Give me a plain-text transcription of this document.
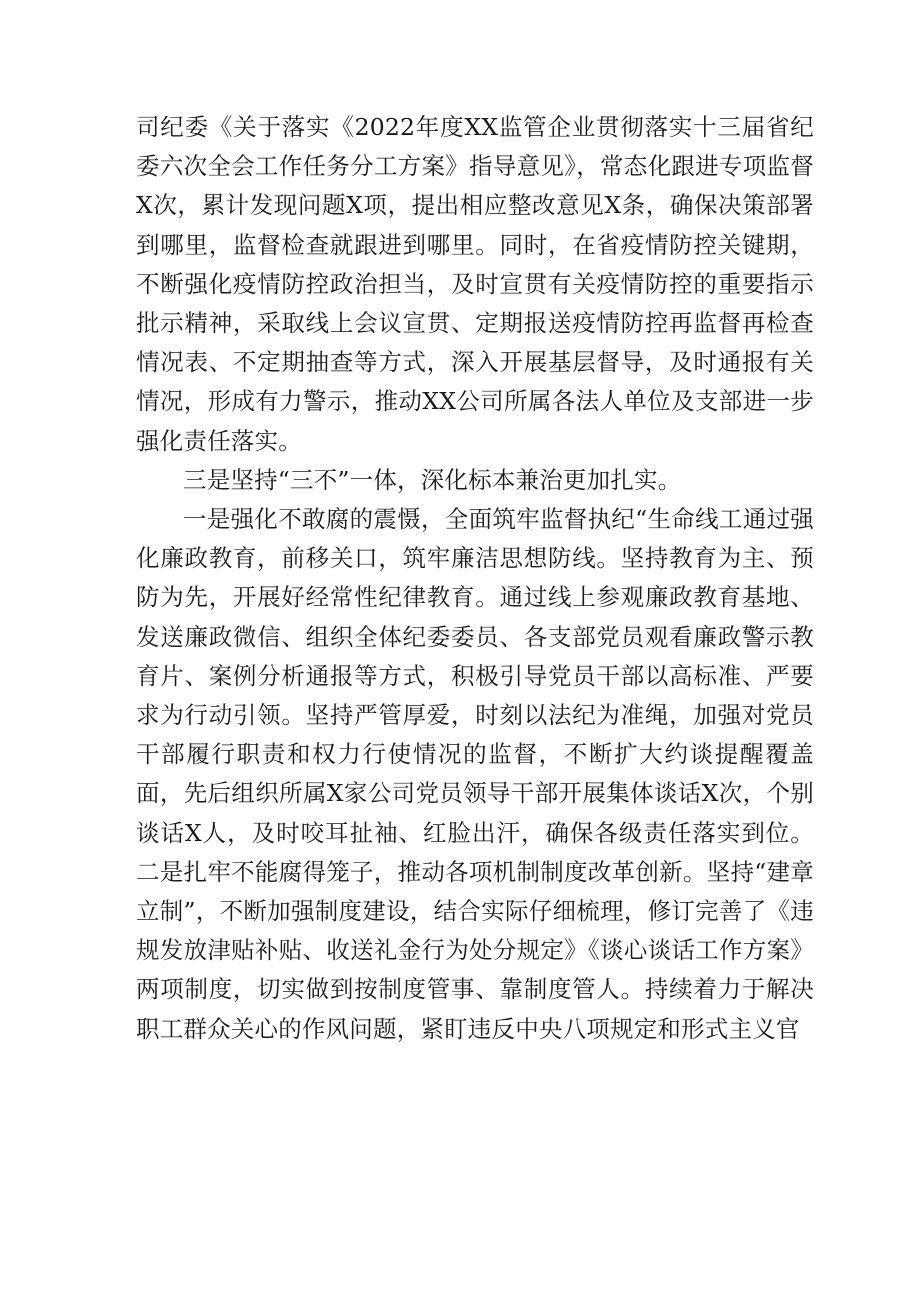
司纪委《关于落实《2022年度XX监管企业贯彻落实十三届省纪委六次全会工作任务分工方案》指导意见》，常态化跟进专项监督X次，累计发现问题X项，提出相应整改意见X条，确保决策部署到哪里，监督检查就跟进到哪里。同时，在省疫情防控关键期，不断强化疫情防控政治担当，及时宣贯有关疫情防控的重要指示批示精神，采取线上会议宣贯、定期报送疫情防控再监督再检查情况表、不定期抽查等方式，深入开展基层督导，及时通报有关情况，形成有力警示，推动XX公司所属各法人单位及支部进一步强化责任落实。

三是坚持“三不”一体，深化标本兼治更加扎实。

一是强化不敢腐的震慑，全面筑牢监督执纪“生命线工通过强化廉政教育，前移关口，筑牢廉洁思想防线。坚持教育为主、预防为先，开展好经常性纪律教育。通过线上参观廉政教育基地、发送廉政微信、组织全体纪委委员、各支部党员观看廉政警示教育片、案例分析通报等方式，积极引导党员干部以高标准、严要求为行动引领。坚持严管厚爱，时刻以法纪为准绳，加强对党员干部履行职责和权力行使情况的监督，不断扩大约谈提醒覆盖面，先后组织所属X家公司党员领导干部开展集体谈话X次，个别谈话X人，及时咬耳扯袖、红脸出汗，确保各级责任落实到位。二是扎牢不能腐得笼子，推动各项机制制度改革创新。坚持“建章立制”，不断加强制度建设，结合实际仔细梳理，修订完善了《违规发放津贴补贴、收送礼金行为处分规定》《谈心谈话工作方案》两项制度，切实做到按制度管事、靠制度管人。持续着力于解决职工群众关心的作风问题，紧盯违反中央八项规定和形式主义官
